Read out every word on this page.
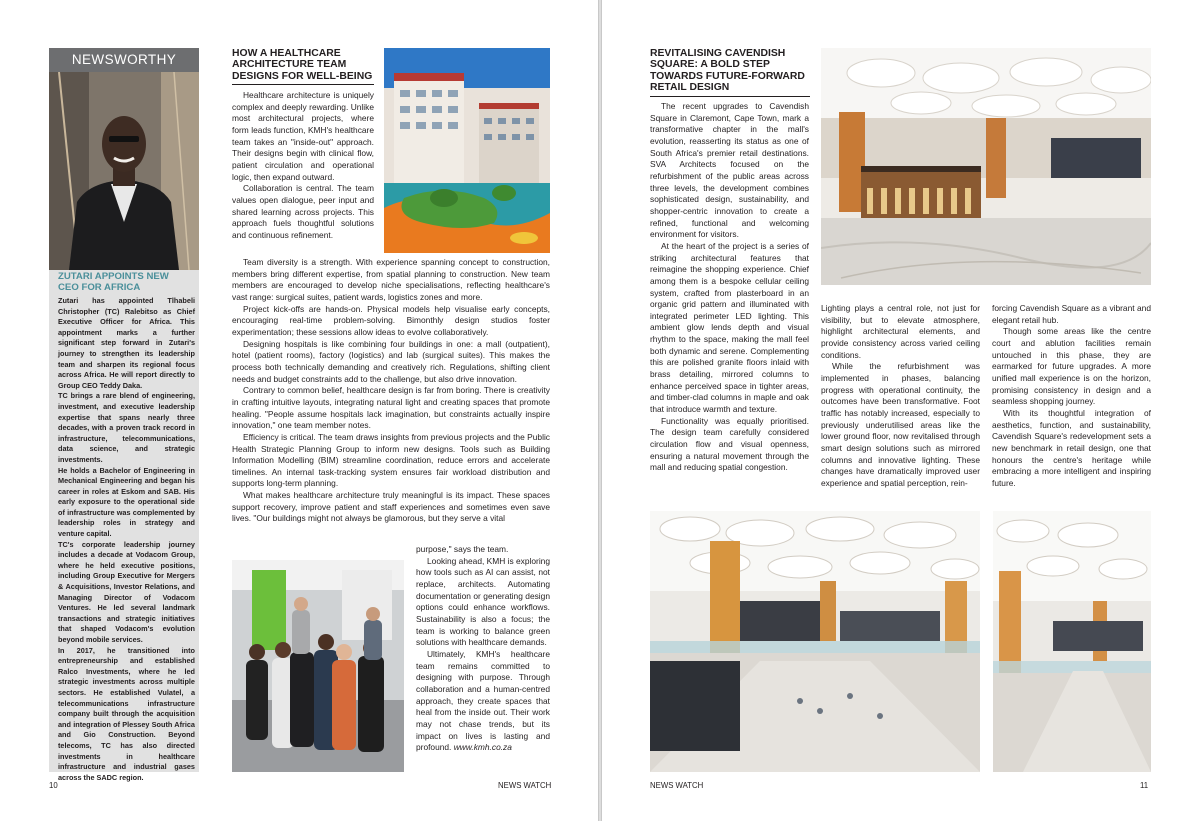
NEWSWORTHY
ZUTARI APPOINTS NEW CEO FOR AFRICA

Zutari has appointed Tlhabeli Christopher (TC) Ralebitso as Chief Executive Officer for Africa. This appointment marks a further significant step forward in Zutari's journey to strengthen its leadership team and sharpen its regional focus across Africa. He will report directly to Group CEO Teddy Daka.

TC brings a rare blend of engineering, investment, and executive leadership expertise that spans nearly three decades, with a proven track record in infrastructure, telecommunications, data science, and strategic investments.

He holds a Bachelor of Engineering in Mechanical Engineering and began his career in roles at Eskom and SAB. His early exposure to the operational side of infrastructure was complemented by leadership roles in strategy and venture capital.

TC's corporate leadership journey includes a decade at Vodacom Group, where he held executive positions, including Group Executive for Mergers & Acquisitions, Investor Relations, and Managing Director of Vodacom Ventures. He led several landmark transactions and strategic initiatives that shaped Vodacom's evolution beyond mobile services.

In 2017, he transitioned into entrepreneurship and established Ralco Investments, where he led strategic investments across multiple sectors. He established Vulatel, a telecommunications infrastructure company built through the acquisition and integration of Plessey South Africa and Gio Construction. Beyond telecoms, TC has also directed investments in healthcare infrastructure and industrial gases across the SADC region.

HOW A HEALTHCARE ARCHITECTURE TEAM DESIGNS FOR WELL-BEING

Healthcare architecture is uniquely complex and deeply rewarding. Unlike most architectural projects, where form leads function, KMH's healthcare team takes an "inside-out" approach. Their designs begin with clinical flow, patient circulation and operational logic, then expand outward.

Collaboration is central. The team values open dialogue, peer input and shared learning across projects. This approach fuels thoughtful solutions and continuous refinement.

Team diversity is a strength. With experience spanning concept to construction, members bring different expertise, from spatial planning to construction. New team members are encouraged to develop niche specialisations, reflecting healthcare's vast range: surgical suites, patient wards, logistics zones and more.

Project kick-offs are hands-on. Physical models help visualise early concepts, encouraging real-time problem-solving. Bimonthly design studios foster experimentation; these sessions allow ideas to evolve collaboratively.

Designing hospitals is like combining four buildings in one: a mall (outpatient), hotel (patient rooms), factory (logistics) and lab (surgical suites). This makes the process both technically demanding and creatively rich. Regulations, shifting client needs and budget constraints add to the challenge, but also drive innovation.

Contrary to common belief, healthcare design is far from boring. There is creativity in crafting intuitive layouts, integrating natural light and creating spaces that promote healing. "People assume hospitals lack imagination, but constraints actually inspire innovation," one team member notes.

Efficiency is critical. The team draws insights from previous projects and the Public Health Strategic Planning Group to inform new designs. Tools such as Building Information Modelling (BIM) streamline coordination, reduce errors and accelerate timelines. An internal task-tracking system ensures fair workload distribution and supports long-term planning.

What makes healthcare architecture truly meaningful is its impact. These spaces support recovery, improve patient and staff experiences and sometimes even save lives. "Our buildings might not always be glamorous, but they serve a vital

purpose," says the team.

Looking ahead, KMH is exploring how tools such as AI can assist, not replace, architects. Automating documentation or generating design options could enhance workflows. Sustainability is also a focus; the team is working to balance green solutions with healthcare demands.

Ultimately, KMH's healthcare team remains committed to designing with purpose. Through collaboration and a human-centred approach, they create spaces that heal from the inside out. Their work may not chase trends, but its impact on lives is lasting and profound. www.kmh.co.za

10	NEWS WATCH
REVITALISING CAVENDISH SQUARE: A BOLD STEP TOWARDS FUTURE-FORWARD RETAIL DESIGN

The recent upgrades to Cavendish Square in Claremont, Cape Town, mark a transformative chapter in the mall's evolution, reasserting its status as one of South Africa's premier retail destinations. SVA Architects focused on the refurbishment of the public areas across three levels, the development combines sophisticated design, sustainability, and shopper-centric innovation to create a refined, functional and welcoming environment for visitors.

At the heart of the project is a series of striking architectural features that reimagine the shopping experience. Chief among them is a bespoke cellular ceiling system, crafted from plasterboard in an organic grid pattern and illuminated with integrated perimeter LED lighting. This ambient glow lends depth and visual rhythm to the space, making the mall feel both dynamic and serene. Complementing this are polished granite floors inlaid with brass detailing, mirrored columns to enhance perceived space in tighter areas, and timber-clad columns in maple and oak that introduce warmth and texture.

Functionality was equally prioritised. The design team carefully considered circulation flow and visual openness, ensuring a natural movement through the mall and reducing spatial congestion.

Lighting plays a central role, not just for visibility, but to elevate atmosphere, highlight architectural elements, and provide consistency across varied ceiling conditions.

While the refurbishment was implemented in phases, balancing progress with operational continuity, the outcomes have been transformative. Foot traffic has notably increased, especially to previously underutilised areas like the lower ground floor, now revitalised through smart design solutions such as mirrored columns and innovative lighting. These changes have dramatically improved user experience and spatial perception, rein-

forcing Cavendish Square as a vibrant and elegant retail hub.

Though some areas like the centre court and ablution facilities remain untouched in this phase, they are earmarked for future upgrades. A more unified mall experience is on the horizon, promising consistency in design and a seamless shopping journey.

With its thoughtful integration of aesthetics, function, and sustainability, Cavendish Square's redevelopment sets a new benchmark in retail design, one that honours the centre's heritage while embracing a more intelligent and inspiring future.

NEWS WATCH	11
